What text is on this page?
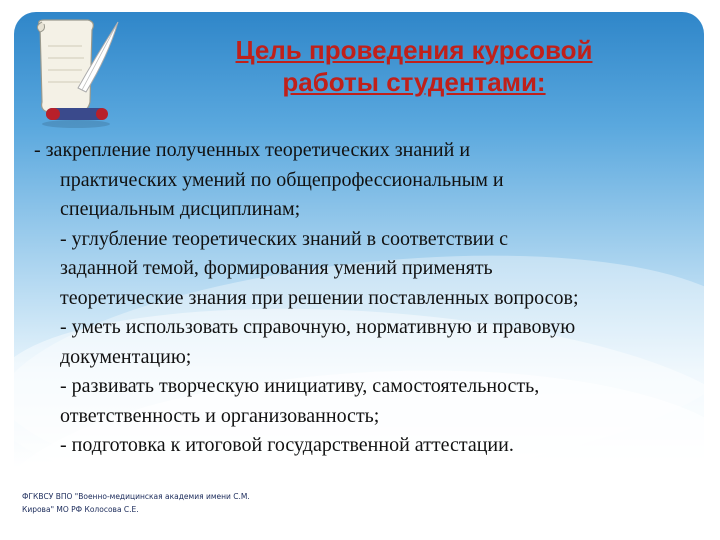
Цель проведения курсовой
работы студентами:
- закрепление полученных теоретических знаний и
практических умений по общепрофессиональным и
специальным дисциплинам;
- углубление теоретических знаний в соответствии с
заданной темой, формирования умений применять
теоретические знания при решении поставленных вопросов;
- уметь использовать справочную, нормативную и правовую
документацию;
- развивать творческую инициативу, самостоятельность,
ответственность и организованность;
- подготовка к итоговой государственной аттестации.
ФГКВСУ ВПО "Военно-медицинская академия имени С.М.
Кирова" МО РФ Колосова С.Е.
